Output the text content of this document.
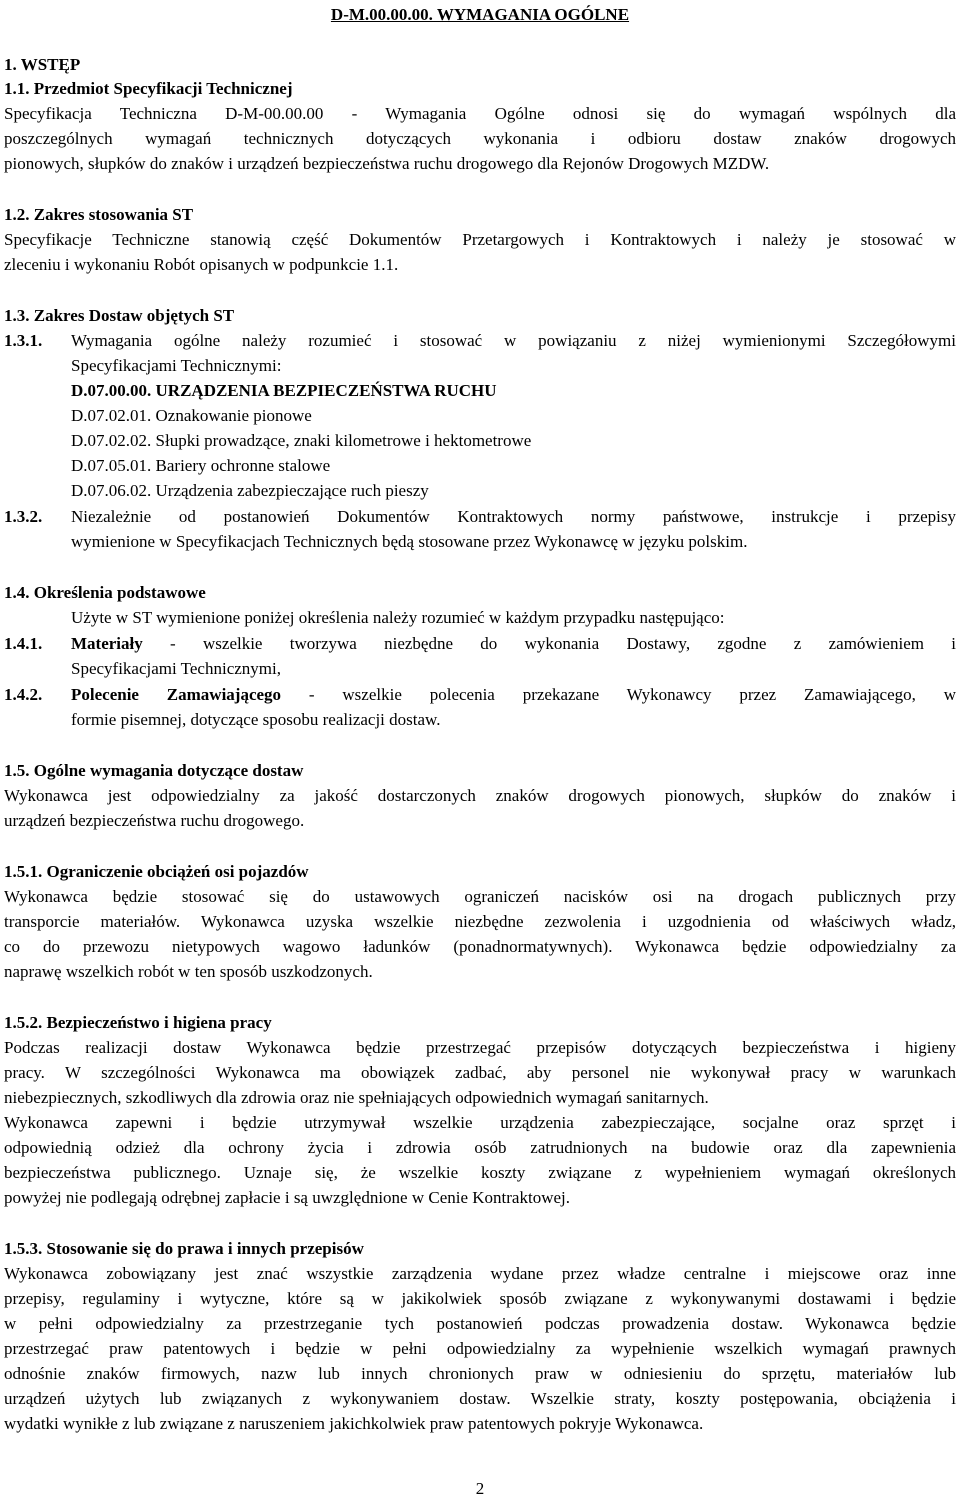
D-M.00.00.00. WYMAGANIA OGÓLNE
1. WSTĘP
1.1. Przedmiot Specyfikacji Technicznej
Specyfikacja Techniczna D-M-00.00.00 - Wymagania Ogólne odnosi się do wymagań wspólnych dla
poszczególnych wymagań technicznych dotyczących wykonania i odbioru dostaw znaków drogowych
pionowych, słupków do znaków i urządzeń bezpieczeństwa ruchu drogowego dla Rejonów Drogowych MZDW.
1.2. Zakres stosowania ST
Specyfikacje Techniczne stanowią część Dokumentów Przetargowych i Kontraktowych i należy je stosować w
zleceniu i wykonaniu Robót opisanych w podpunkcie 1.1.
1.3. Zakres Dostaw objętych ST
1.3.1. Wymagania ogólne należy rozumieć i stosować w powiązaniu z niżej wymienionymi Szczegółowymi
Specyfikacjami Technicznymi:
D.07.00.00. URZĄDZENIA BEZPIECZEŃSTWA RUCHU
D.07.02.01. Oznakowanie pionowe
D.07.02.02. Słupki prowadzące, znaki kilometrowe i hektometrowe
D.07.05.01. Bariery ochronne stalowe
D.07.06.02. Urządzenia zabezpieczające ruch pieszy
1.3.2. Niezależnie od postanowień Dokumentów Kontraktowych normy państwowe, instrukcje i przepisy
wymienione w Specyfikacjach Technicznych będą stosowane przez Wykonawcę w języku polskim.
1.4. Określenia podstawowe
Użyte w ST wymienione poniżej określenia należy rozumieć w każdym przypadku następująco:
1.4.1. Materiały - wszelkie tworzywa niezbędne do wykonania Dostawy, zgodne z zamówieniem i
Specyfikacjami Technicznymi,
1.4.2. Polecenie Zamawiającego - wszelkie polecenia przekazane Wykonawcy przez Zamawiającego, w
formie pisemnej, dotyczące sposobu realizacji dostaw.
1.5. Ogólne wymagania dotyczące dostaw
Wykonawca jest odpowiedzialny za jakość dostarczonych znaków drogowych pionowych, słupków do znaków i
urządzeń bezpieczeństwa ruchu drogowego.
1.5.1. Ograniczenie obciążeń osi pojazdów
Wykonawca będzie stosować się do ustawowych ograniczeń nacisków osi na drogach publicznych przy
transporcie materiałów. Wykonawca uzyska wszelkie niezbędne zezwolenia i uzgodnienia od właściwych władz,
co do przewozu nietypowych wagowo ładunków (ponadnormatywnych). Wykonawca będzie odpowiedzialny za
naprawę wszelkich robót w ten sposób uszkodzonych.
1.5.2. Bezpieczeństwo i higiena pracy
Podczas realizacji dostaw Wykonawca będzie przestrzegać przepisów dotyczących bezpieczeństwa i higieny
pracy. W szczególności Wykonawca ma obowiązek zadbać, aby personel nie wykonywał pracy w warunkach
niebezpiecznych, szkodliwych dla zdrowia oraz nie spełniających odpowiednich wymagań sanitarnych.
Wykonawca zapewni i będzie utrzymywał wszelkie urządzenia zabezpieczające, socjalne oraz sprzęt i
odpowiednią odzież dla ochrony życia i zdrowia osób zatrudnionych na budowie oraz dla zapewnienia
bezpieczeństwa publicznego. Uznaje się, że wszelkie koszty związane z wypełnieniem wymagań określonych
powyżej nie podlegają odrębnej zapłacie i są uwzględnione w Cenie Kontraktowej.
1.5.3. Stosowanie się do prawa i innych przepisów
Wykonawca zobowiązany jest znać wszystkie zarządzenia wydane przez władze centralne i miejscowe oraz inne
przepisy, regulaminy i wytyczne, które są w jakikolwiek sposób związane z wykonywanymi dostawami i będzie
w pełni odpowiedzialny za przestrzeganie tych postanowień podczas prowadzenia dostaw. Wykonawca będzie
przestrzegać praw patentowych i będzie w pełni odpowiedzialny za wypełnienie wszelkich wymagań prawnych
odnośnie znaków firmowych, nazw lub innych chronionych praw w odniesieniu do sprzętu, materiałów lub
urządzeń użytych lub związanych z wykonywaniem dostaw. Wszelkie straty, koszty postępowania, obciążenia i
wydatki wynikłe z lub związane z naruszeniem jakichkolwiek praw patentowych pokryje Wykonawca.
2
